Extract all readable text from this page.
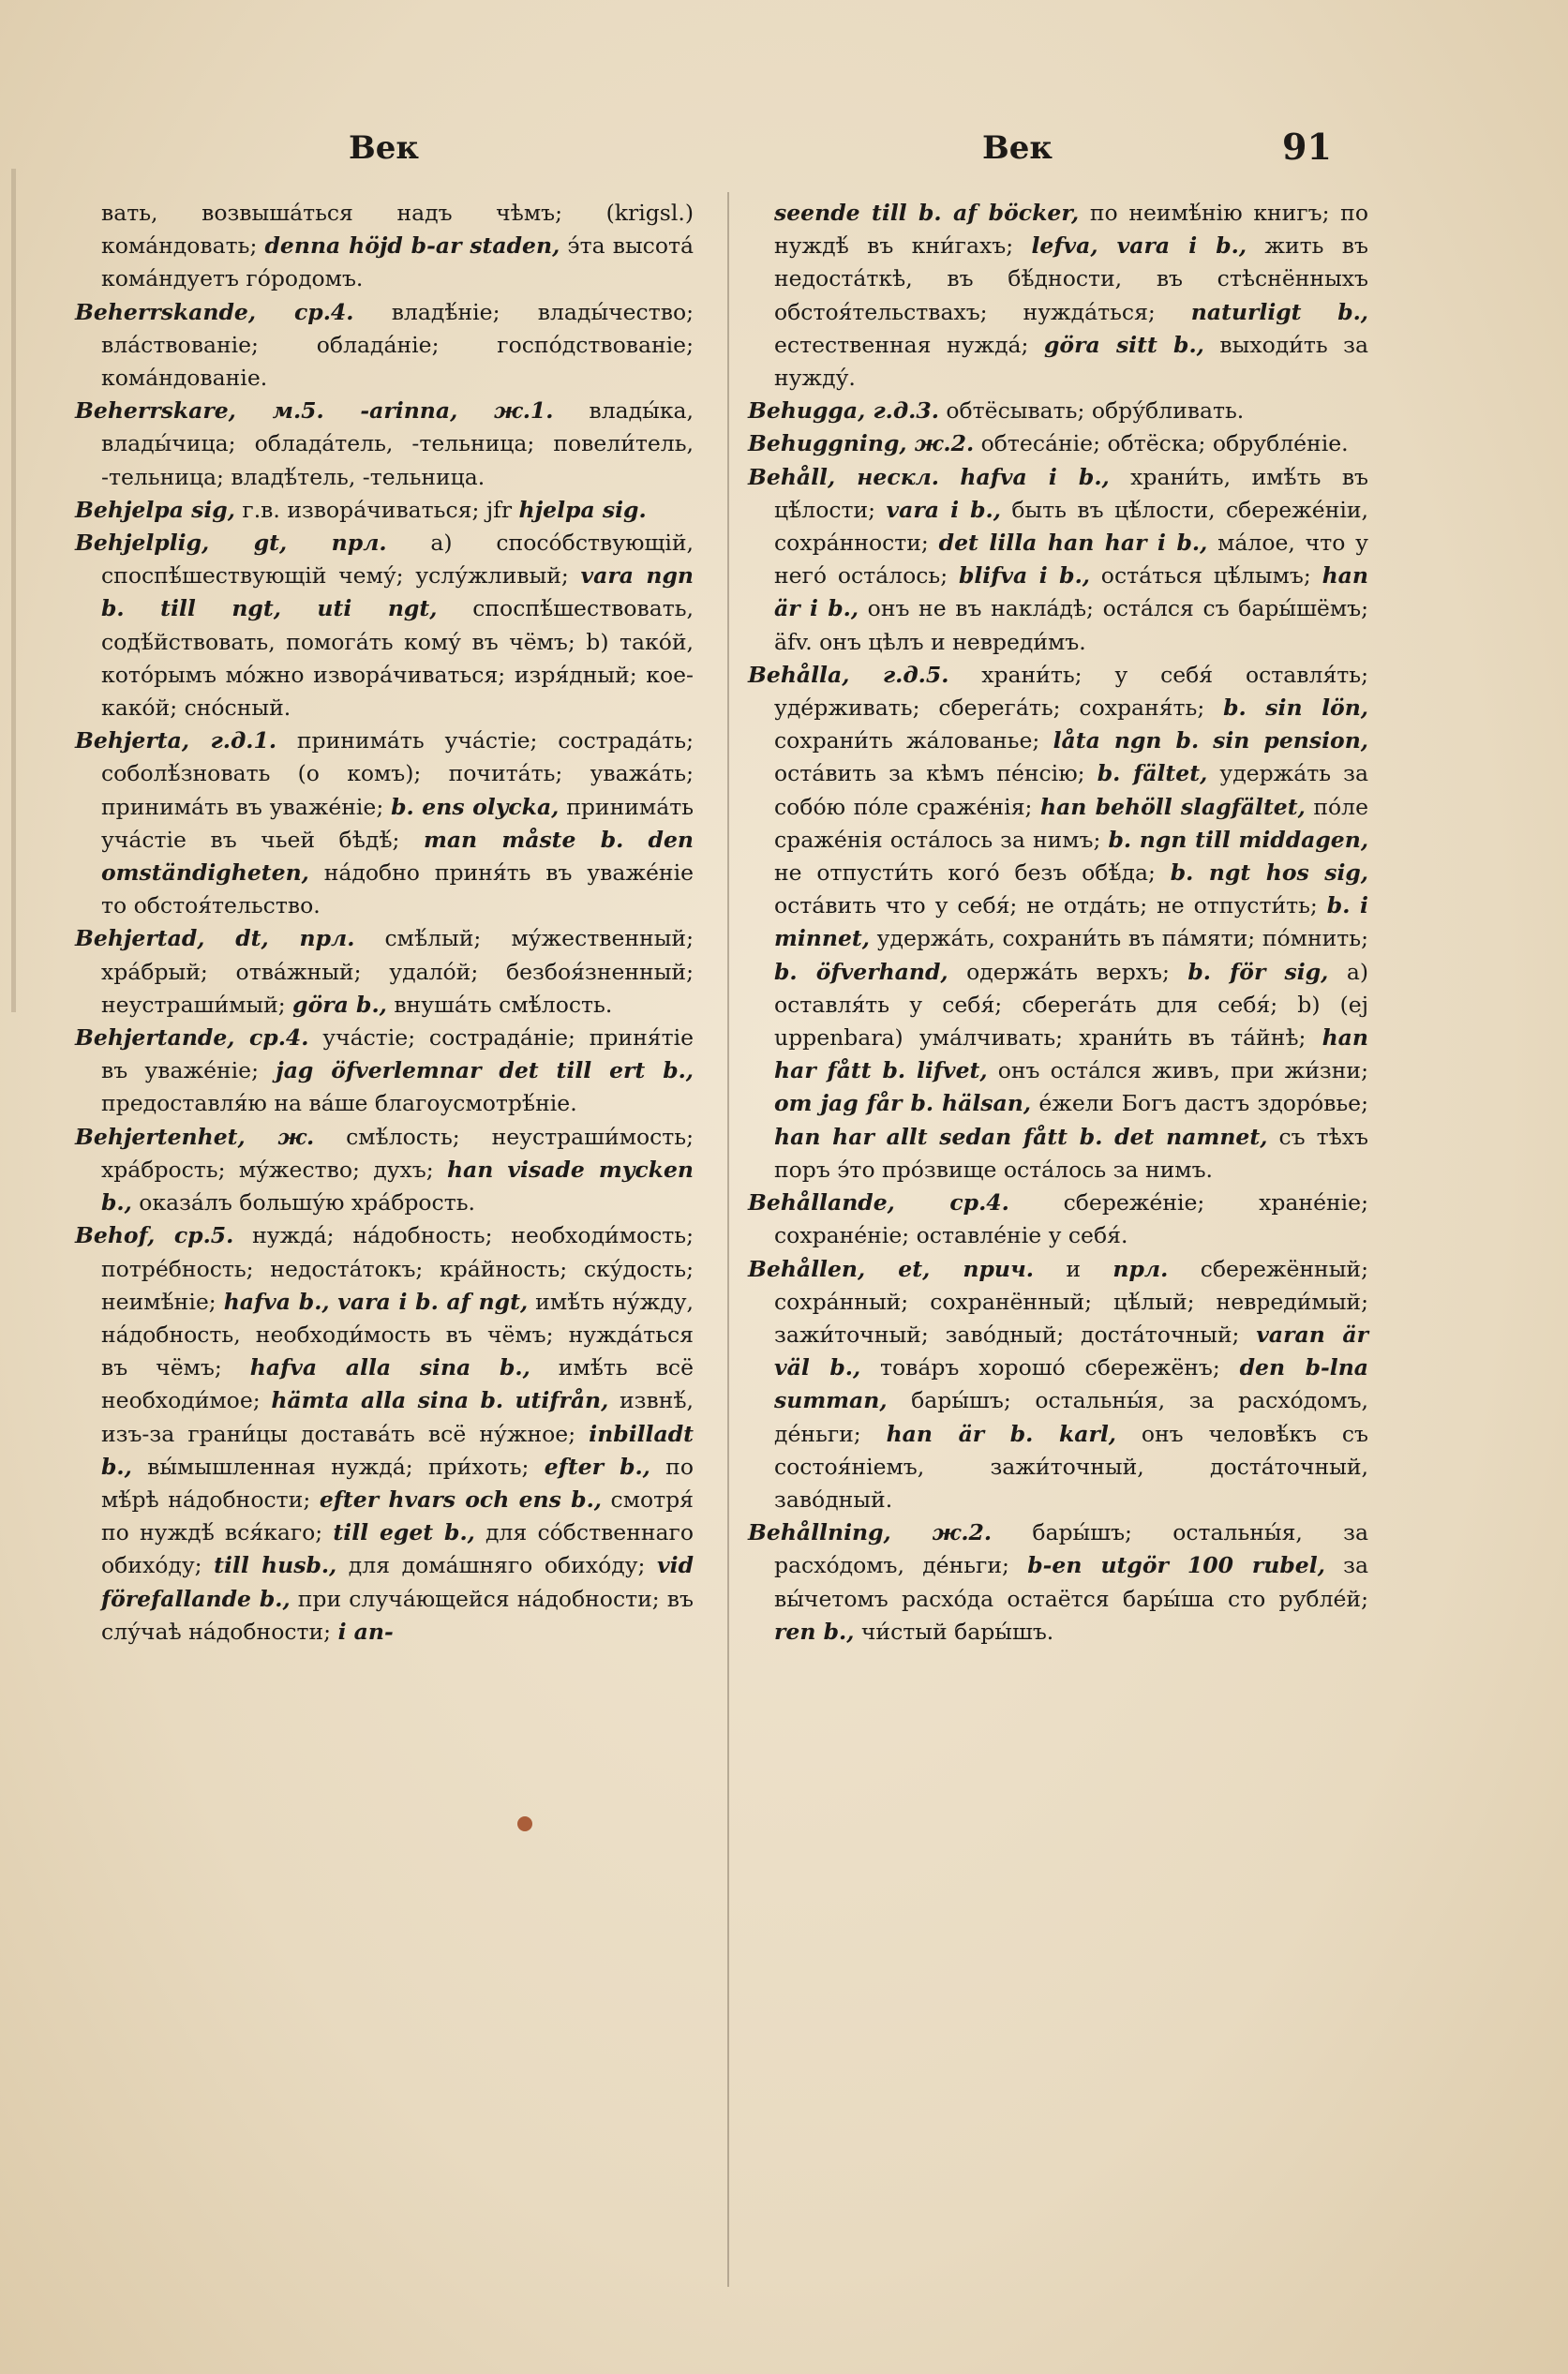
Век	Век	91

вать, возвыша́ться надъ чѣмъ; (krigsl.) кома́ндовать; denna höjd b-ar staden, э́та высота́ кома́ндуетъ го́родомъ.

Beherrskande, ср.4. владѣ́ніе; влады́чество; вла́ствованіе; облада́ніе; госпо́дствованіе; кома́ндованіе.

Beherrskare, м.5. -arinna, ж.1. влады́ка, влады́чица; облада́тель, -тельница; повели́тель, -тельница; владѣ́тель, -тельница.

Behjelpa sig, г.в. извора́чиваться; jfr hjelpa sig.

Behjelplig, gt, прл. a) спосо́бствующій, споспѣ́шествующій чему́; услу́жливый; vara ngn b. till ngt, uti ngt, споспѣ́шествовать, содѣ́йствовать, помога́ть кому́ въ чёмъ; b) тако́й, кото́рымъ мо́жно извора́чиваться; изря́дный; кое-како́й; сно́сный.

Behjerta, г.д.1. принима́ть уча́стіе; сострада́ть; соболѣ́зновать (о комъ); почита́ть; уважа́ть; принима́ть въ уваже́ніе; b. ens olycka, принима́ть уча́стіе въ чьей бѣдѣ́; man måste b. den omständigheten, на́добно приня́ть въ уваже́ніе то обстоя́тельство.

Behjertad, dt, прл. смѣ́лый; му́жественный; хра́брый; отва́жный; удало́й; безбоя́зненный; неустраши́мый; göra b., внуша́ть смѣ́лость.

Behjertande, ср.4. уча́стіе; сострада́ніе; приня́тіе въ уваже́ніе; jag öfverlemnar det till ert b., предоставля́ю на ва́ше благоусмотрѣ́ніе.

Behjertenhet, ж. смѣ́лость; неустраши́мость; хра́брость; му́жество; духъ; han visade mycken b., оказа́лъ большу́ю хра́брость.

Behof, ср.5. нужда́; на́добность; необходи́мость; потре́бность; недоста́токъ; кра́йность; ску́дость; неимѣ́ніе; hafva b., vara i b. af ngt, имѣ́ть ну́жду, на́добность, необходи́мость въ чёмъ; нужда́ться въ чёмъ; hafva alla sina b., имѣ́ть всё необходи́мое; hämta alla sina b. utifrån, извнѣ́, изъ-за грани́цы достава́ть всё ну́жное; inbilladt b., вы́мышленная нужда́; при́хоть; efter b., по мѣ́рѣ на́добности; efter hvars och ens b., смотря́ по нуждѣ́ вся́каго; till eget b., для со́бственнаго обихо́ду; till husb., для дома́шняго обихо́ду; vid förefallande b., при случа́ющейся на́добности; въ слу́чаѣ на́добности; i an-

seende till b. af böcker, по неимѣ́нію книгъ; по нуждѣ́ въ кни́гахъ; lefva, vara i b., жить въ недоста́ткѣ, въ бѣ́дности, въ стѣснённыхъ обстоя́тельствахъ; нужда́ться; naturligt b., естественная нужда́; göra sitt b., выходи́ть за нужду́.

Behugga, г.д.3. обтёсывать; обру́бливать.

Behuggning, ж.2. обтеса́ніе; обтёска; обрубле́ніе.

Behåll, нескл. hafva i b., храни́ть, имѣ́ть въ цѣ́лости; vara i b., быть въ цѣ́лости, сбереже́ніи, сохра́нности; det lilla han har i b., ма́лое, что у него́ оста́лось; blifva i b., оста́ться цѣ́лымъ; han är i b., онъ не въ накла́дѣ; оста́лся съ бары́шёмъ; äfv. онъ цѣлъ и невреди́мъ.

Behålla, г.д.5. храни́ть; у себя́ оставля́ть; уде́рживать; сберега́ть; сохраня́ть; b. sin lön, сохрани́ть жа́лованье; låta ngn b. sin pension, оста́вить за кѣмъ пе́нсію; b. fältet, удержа́ть за собо́ю по́ле сраже́нія; han behöll slagfältet, по́ле сраже́нія оста́лось за нимъ; b. ngn till middagen, не отпусти́ть кого́ безъ обѣ́да; b. ngt hos sig, оста́вить что у себя́; не отда́ть; не отпусти́ть; b. i minnet, удержа́ть, сохрани́ть въ па́мяти; по́мнить; b. öfverhand, одержа́ть верхъ; b. för sig, a) оставля́ть у себя́; сберега́ть для себя́; b) (ej uppenbara) ума́лчивать; храни́ть въ та́йнѣ; han har fått b. lifvet, онъ оста́лся живъ, при жи́зни; om jag får b. hälsan, е́жели Богъ дастъ здоро́вье; han har allt sedan fått b. det namnet, съ тѣхъ поръ э́то про́звище оста́лось за нимъ.

Behållande, ср.4. сбереже́ніе; хране́ніе; сохране́ніе; оставле́ніе у себя́.

Behållen, et, прич. и прл. сбережённый; сохра́нный; сохранённый; цѣ́лый; невреди́мый; зажи́точный; заво́дный; доста́точный; varan är väl b., това́ръ хорошо́ сбережёнъ; den b-lna summan, бары́шъ; остальны́я, за расхо́домъ, де́ньги; han är b. karl, онъ человѣ́къ съ состоя́ніемъ, зажи́точный, доста́точный, заво́дный.

Behållning, ж.2. бары́шъ; остальны́я, за расхо́домъ, де́ньги; b-en utgör 100 rubel, за вы́четомъ расхо́да остаётся бары́ша сто рубле́й; ren b., чи́стый бары́шъ.
